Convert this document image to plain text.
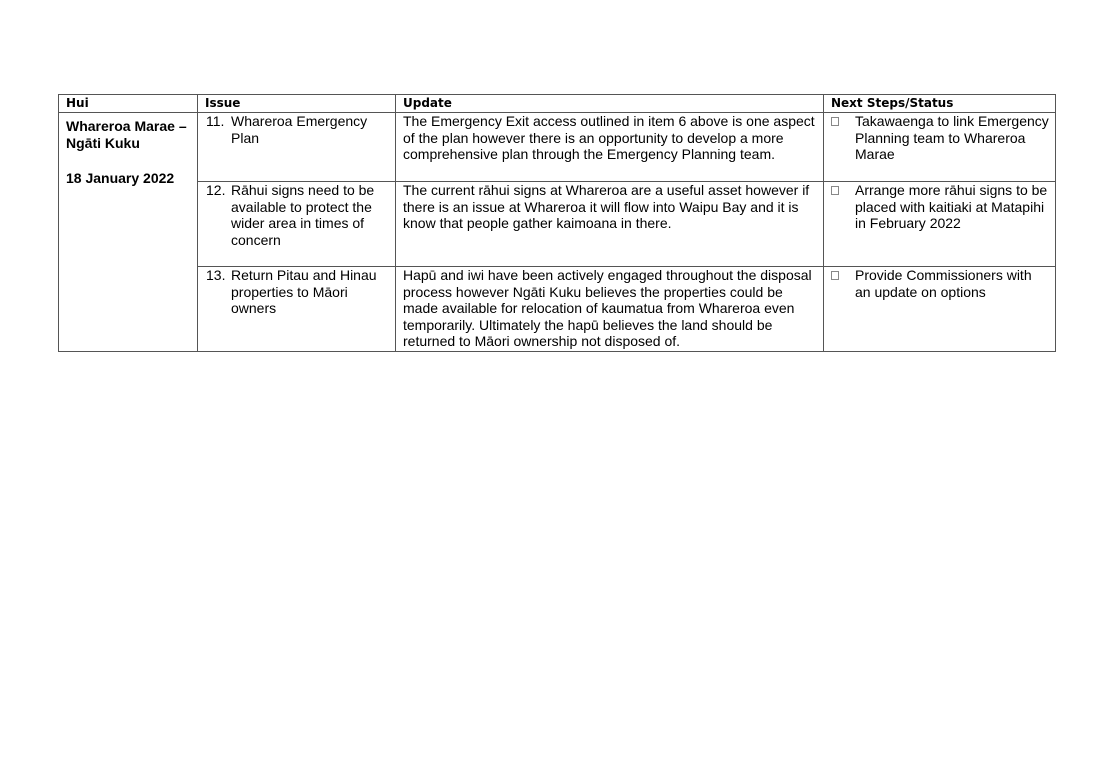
Hui	Issue	Update	Next Steps/Status

Whareroa Marae – Ngāti Kuku
18 January 2022	11. Whareroa Emergency Plan	The Emergency Exit access outlined in item 6 above is one aspect of the plan however there is an opportunity to develop a more comprehensive plan through the Emergency Planning team.	Takawaenga to link Emergency Planning team to Whareroa Marae

	12. Rāhui signs need to be available to protect the wider area in times of concern	The current rāhui signs at Whareroa are a useful asset however if there is an issue at Whareroa it will flow into Waipu Bay and it is know that people gather kaimoana in there.	Arrange more rāhui signs to be placed with kaitiaki at Matapihi in February 2022

	13. Return Pitau and Hinau properties to Māori owners	Hapū and iwi have been actively engaged throughout the disposal process however Ngāti Kuku believes the properties could be made available for relocation of kaumatua from Whareroa even temporarily. Ultimately the hapū believes the land should be returned to Māori ownership not disposed of.	Provide Commissioners with an update on options
